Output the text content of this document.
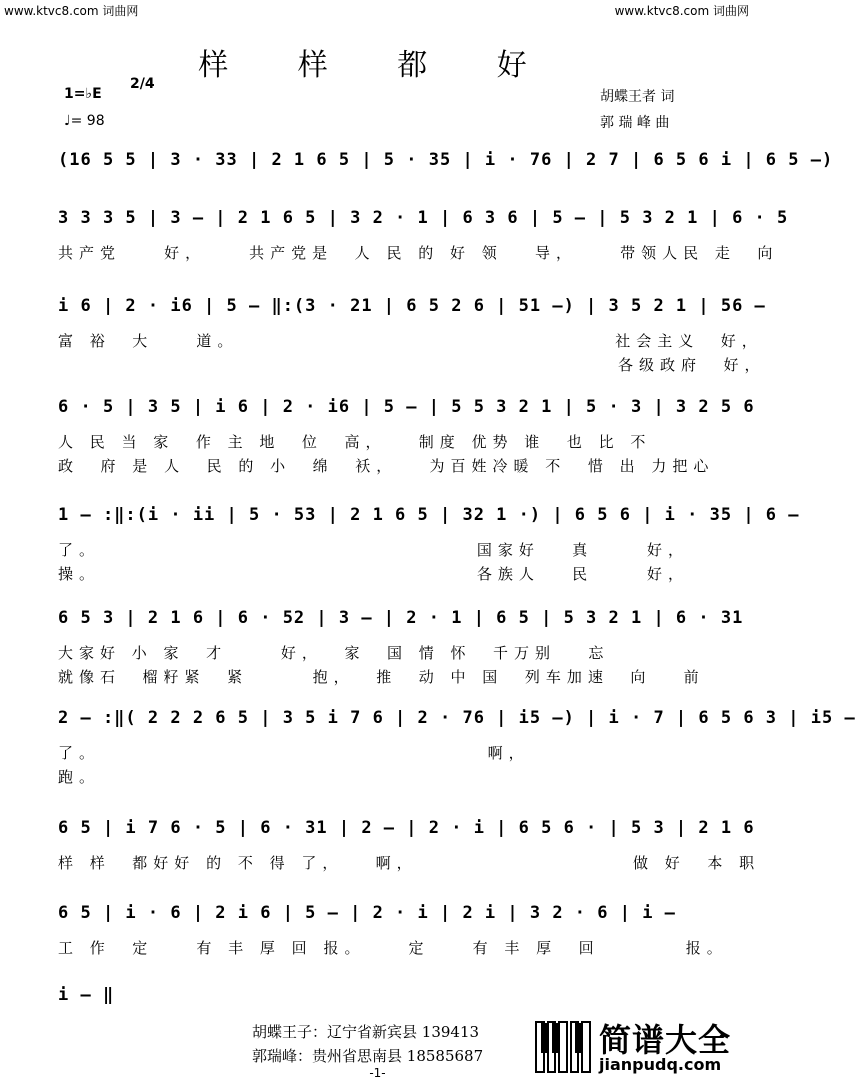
www.ktvc8.com 词曲网	www.ktvc8.com 词曲网
样 样 都 好
1=♭E
2/4
♩= 98
胡蝶王者 词
郭 瑞 峰 曲
(16 5 5 | 3 · 33 | 2 1 6 5 | 5 · 35 | i · 76 | 2 7 | 6 5 6 i | 6 5 –)
3 3 3 5 | 3 – | 2 1 6 5 | 3 2 · 1 | 6 3 6 | 5 – | 5 3 2 1 | 6 · 5
共产党    好，    共产党是  人 民 的 好 领   导，    带领人民 走  向
i 6 | 2 · i6 | 5 – ‖:(3 · 21 | 6 5 2 6 | 51 –) | 3 5 2 1 | 56 –
富 裕  大    道。                                   社会主义  好，
各级政府  好，
6 · 5 | 3 5 | i 6 | 2 · i6 | 5 – | 5 5 3 2 1 | 5 · 3 | 3 2 5 6
人 民 当 家  作 主 地  位  高，   制度 优势 谁  也 比 不
政  府 是 人  民 的 小  绵  袄，   为百姓冷暖 不  惜 出 力把心
1 – :‖:(i · ii | 5 · 53 | 2 1 6 5 | 32 1 ·) | 6 5 6 | i · 35 | 6 –
了。                                   国家好   真     好，
操。                                   各族人   民     好，
6 5 3 | 2 1 6 | 6 · 52 | 3 – | 2 · 1 | 6 5 | 5 3 2 1 | 6 · 31
大家好 小 家  才     好，  家  国 情 怀  千万别   忘
就像石  榴籽紧  紧      抱，  推  动 中 国  列车加速  向   前
2 – :‖( 2 2 2 6 5 | 3 5 i 7 6 | 2 · 76 | i5 –) | i · 7 | 6 5 6 3 | i5 –
了。                                    啊，
跑。
6 5 | i 7 6 · 5 | 6 · 31 | 2 – | 2 · i | 6 5 6 · | 5 3 | 2 1 6
样 样  都好好 的 不 得 了，   啊，                    做 好  本 职
6 5 | i · 6 | 2 i 6 | 5 – | 2 · i | 2 i | 3 2 · 6 | i –
工 作  定    有 丰 厚 回 报。    定    有 丰 厚  回        报。
i – ‖
胡蝶王子：辽宁省新宾县 139413
郭瑞峰：贵州省思南县 18585687	简谱大全
jianpudq.com
-1-
